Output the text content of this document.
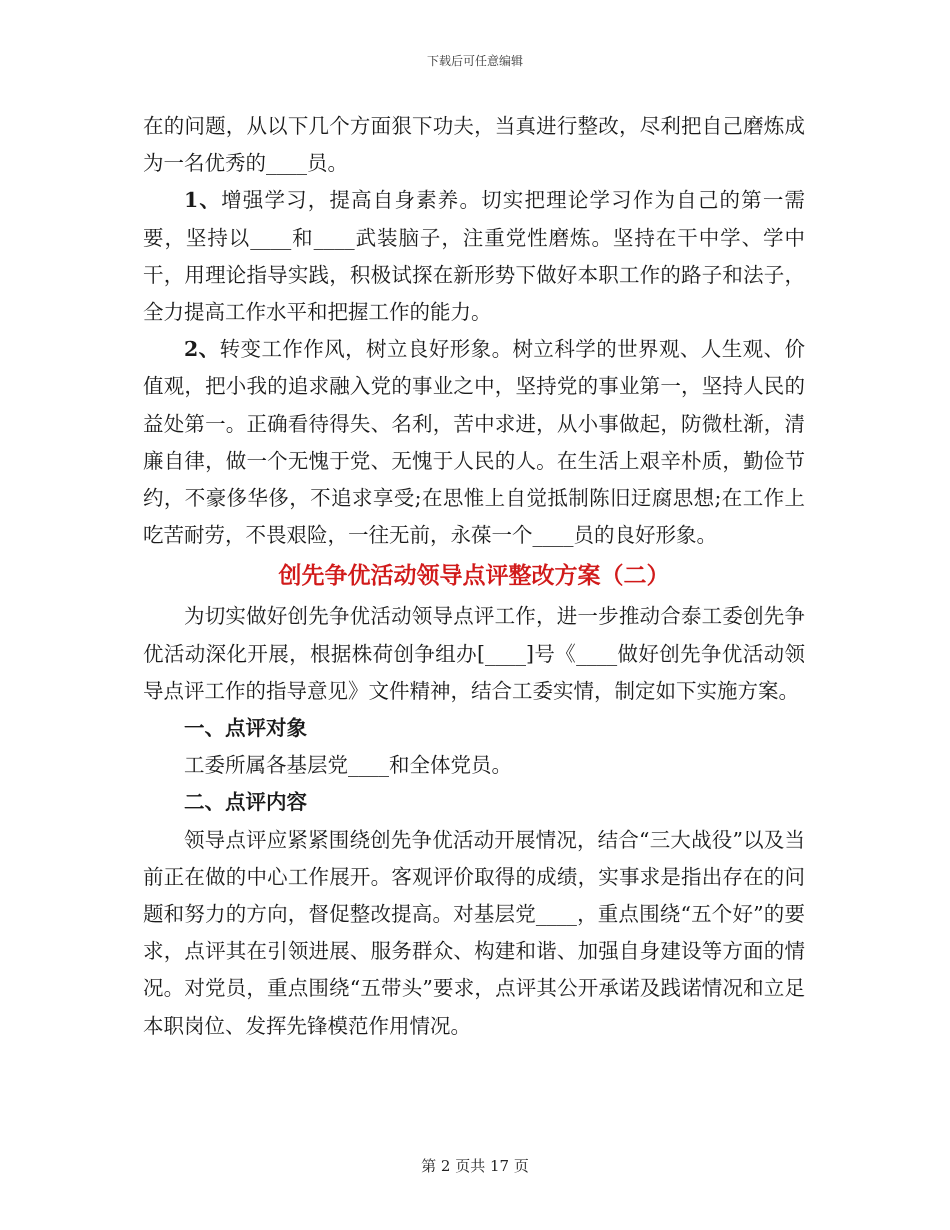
下载后可任意编辑

在的问题，从以下几个方面狠下功夫，当真进行整改，尽利把自己磨炼成为一名优秀的____员。

1、增强学习，提高自身素养。切实把理论学习作为自己的第一需要，坚持以____和____武装脑子，注重党性磨炼。坚持在干中学、学中干，用理论指导实践，积极试探在新形势下做好本职工作的路子和法子，全力提高工作水平和把握工作的能力。

2、转变工作作风，树立良好形象。树立科学的世界观、人生观、价值观，把小我的追求融入党的事业之中，坚持党的事业第一，坚持人民的益处第一。正确看待得失、名利，苦中求进，从小事做起，防微杜渐，清廉自律，做一个无愧于党、无愧于人民的人。在生活上艰辛朴质，勤俭节约，不豪侈华侈，不追求享受;在思惟上自觉抵制陈旧迂腐思想;在工作上吃苦耐劳，不畏艰险，一往无前，永葆一个____员的良好形象。

创先争优活动领导点评整改方案（二）

为切实做好创先争优活动领导点评工作，进一步推动合泰工委创先争优活动深化开展，根据株荷创争组办[____]号《____做好创先争优活动领导点评工作的指导意见》文件精神，结合工委实情，制定如下实施方案。

一、点评对象

工委所属各基层党____和全体党员。

二、点评内容

领导点评应紧紧围绕创先争优活动开展情况，结合“三大战役”以及当前正在做的中心工作展开。客观评价取得的成绩，实事求是指出存在的问题和努力的方向，督促整改提高。对基层党____，重点围绕“五个好”的要求，点评其在引领进展、服务群众、构建和谐、加强自身建设等方面的情况。对党员，重点围绕“五带头”要求，点评其公开承诺及践诺情况和立足本职岗位、发挥先锋模范作用情况。

第 2 页共 17 页
